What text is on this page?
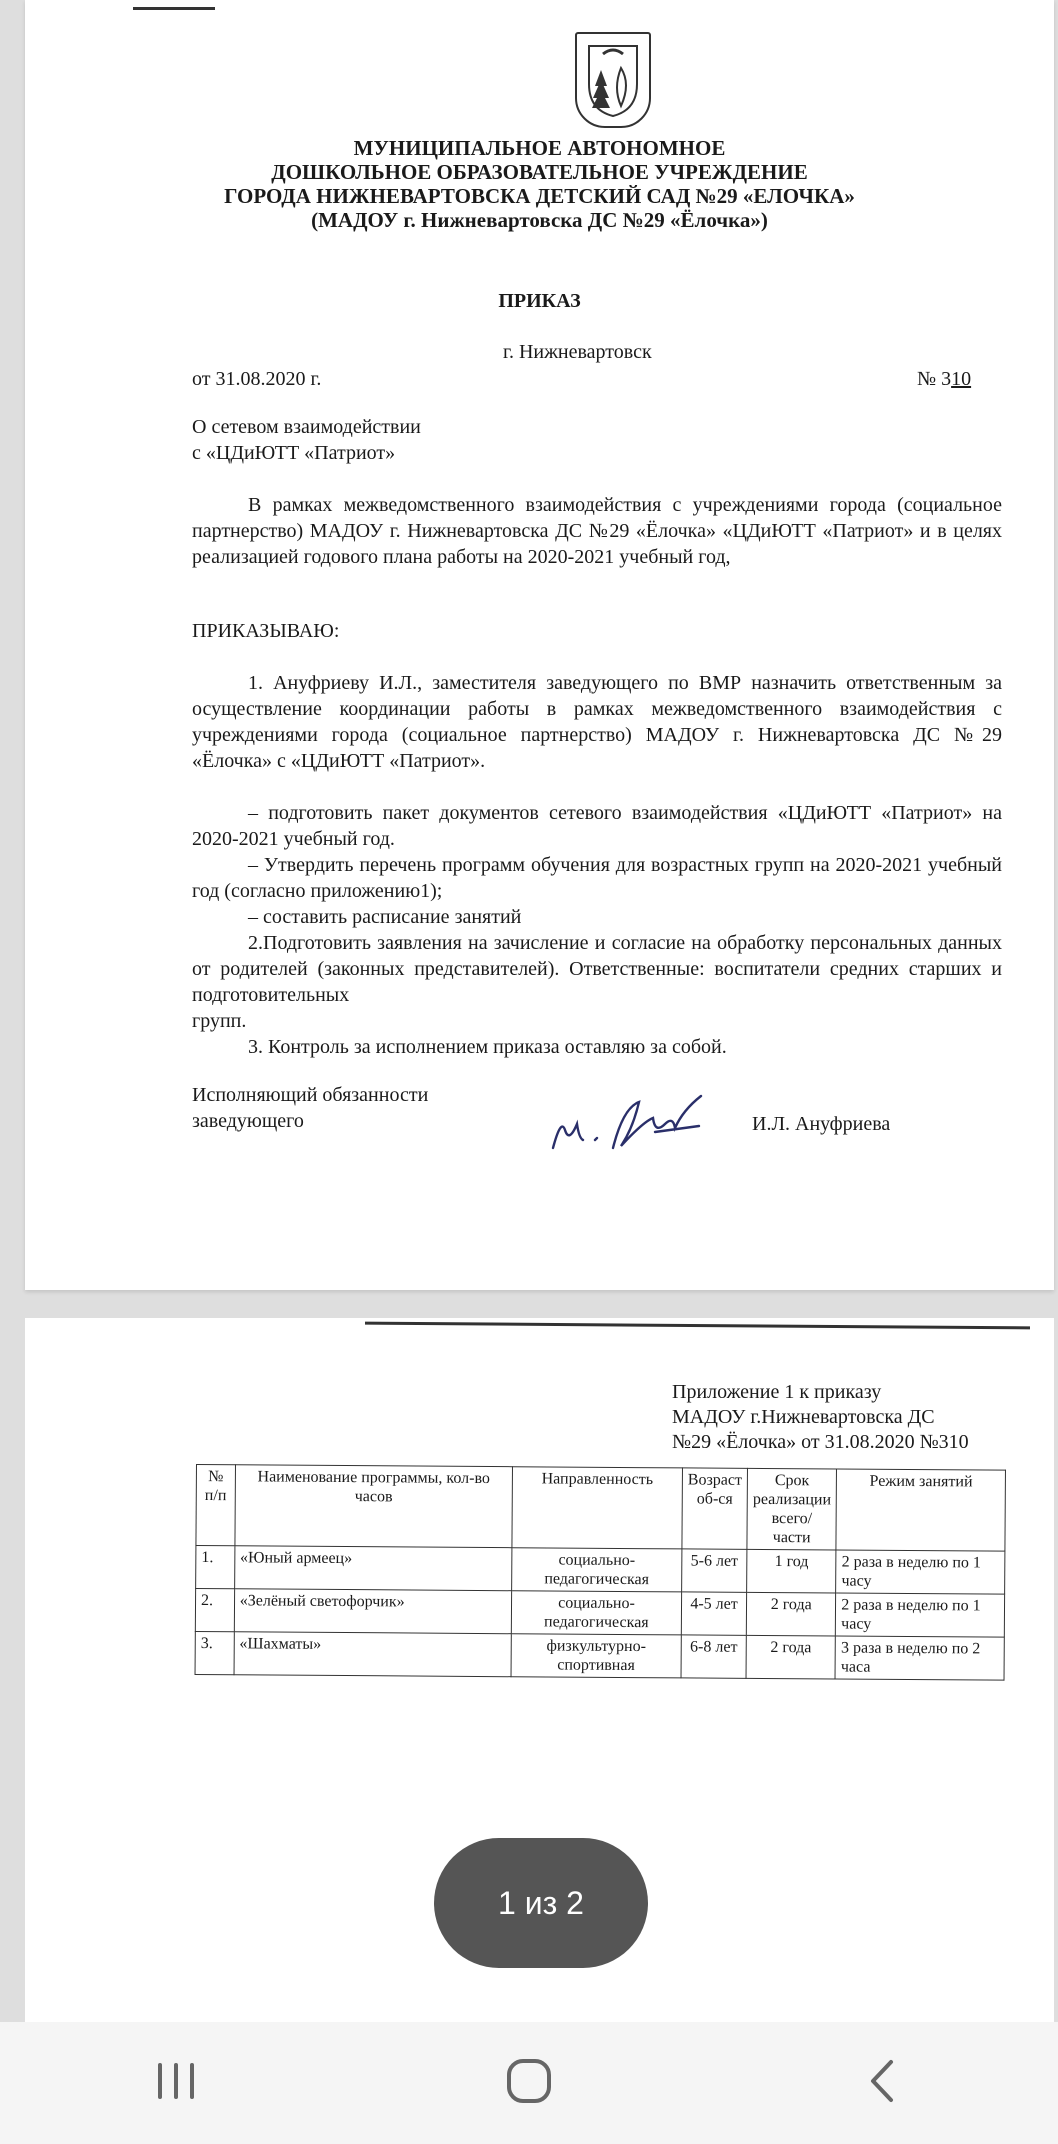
МУНИЦИПАЛЬНОЕ АВТОНОМНОЕ
ДОШКОЛЬНОЕ ОБРАЗОВАТЕЛЬНОЕ УЧРЕЖДЕНИЕ
ГОРОДА НИЖНЕВАРТОВСКА ДЕТСКИЙ САД №29 «ЕЛОЧКА»
(МАДОУ г. Нижневартовска ДС №29 «Ёлочка»)
ПРИКАЗ
г. Нижневартовск
от 31.08.2020 г.	№ 310
О сетевом взаимодействии
с «ЦДиЮТТ «Патриот»
В рамках межведомственного взаимодействия с учреждениями города (социальное партнерство) МАДОУ г. Нижневартовска ДС №29 «Ёлочка» «ЦДиЮТТ «Патриот» и в целях реализацией годового плана работы на 2020-2021 учебный год,
ПРИКАЗЫВАЮ:
1. Ануфриеву И.Л., заместителя заведующего по ВМР назначить ответственным за осуществление координации работы в рамках межведомственного взаимодействия с учреждениями города (социальное партнерство) МАДОУ г. Нижневартовска ДС №29 «Ёлочка» с «ЦДиЮТТ «Патриот».
– подготовить пакет документов сетевого взаимодействия «ЦДиЮТТ «Патриот» на 2020-2021 учебный год.
– Утвердить перечень программ обучения для возрастных групп на 2020-2021 учебный год (согласно приложению1);
– составить расписание занятий
2.Подготовить заявления на зачисление и согласие на обработку персональных данных от родителей (законных представителей). Ответственные: воспитатели средних старших и подготовительных
групп.
3. Контроль за исполнением приказа оставляю за собой.
Исполняющий обязанности
заведующего	И.Л. Ануфриева
Приложение 1 к приказу
МАДОУ г.Нижневартовска ДС
№29 «Ёлочка» от 31.08.2020 №310
№ п/п	Наименование программы, кол-во часов	Направленность	Возраст об-ся	Срок реализации всего/части	Режим занятий
1.	«Юный армеец»	социально-педагогическая	5-6 лет	1 год	2 раза в неделю по 1 часу
2.	«Зелёный светофорчик»	социально-педагогическая	4-5 лет	2 года	2 раза в неделю по 1 часу
3.	«Шахматы»	физкультурно-спортивная	6-8 лет	2 года	3 раза в неделю по 2 часа
1 из 2
